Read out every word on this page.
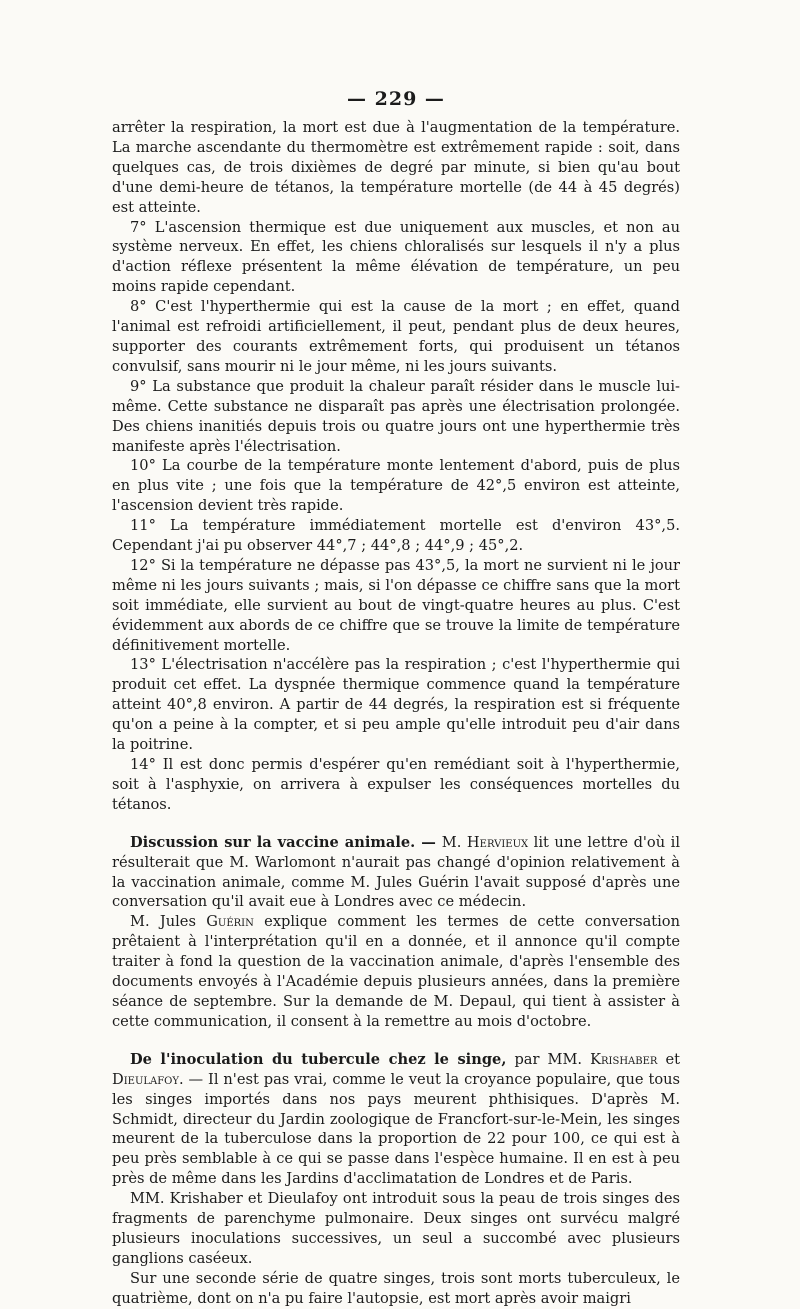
— 229 —

arrêter la respiration, la mort est due à l'augmentation de la température. La marche ascendante du thermomètre est extrêmement rapide : soit, dans quelques cas, de trois dixièmes de degré par minute, si bien qu'au bout d'une demi-heure de tétanos, la température mortelle (de 44 à 45 degrés) est atteinte.

7° L'ascension thermique est due uniquement aux muscles, et non au système nerveux. En effet, les chiens chloralisés sur lesquels il n'y a plus d'action réflexe présentent la même élévation de température, un peu moins rapide cependant.

8° C'est l'hyperthermie qui est la cause de la mort ; en effet, quand l'animal est refroidi artificiellement, il peut, pendant plus de deux heures, supporter des courants extrêmement forts, qui produisent un tétanos convulsif, sans mourir ni le jour même, ni les jours suivants.

9° La substance que produit la chaleur paraît résider dans le muscle lui-même. Cette substance ne disparaît pas après une électrisation prolongée. Des chiens inanitiés depuis trois ou quatre jours ont une hyperthermie très manifeste après l'électrisation.

10° La courbe de la température monte lentement d'abord, puis de plus en plus vite ; une fois que la température de 42°,5 environ est atteinte, l'ascension devient très rapide.

11° La température immédiatement mortelle est d'environ 43°,5. Cependant j'ai pu observer 44°,7 ; 44°,8 ; 44°,9 ; 45°,2.

12° Si la température ne dépasse pas 43°,5, la mort ne survient ni le jour même ni les jours suivants ; mais, si l'on dépasse ce chiffre sans que la mort soit immédiate, elle survient au bout de vingt-quatre heures au plus. C'est évidemment aux abords de ce chiffre que se trouve la limite de température définitivement mortelle.

13° L'électrisation n'accélère pas la respiration ; c'est l'hyperthermie qui produit cet effet. La dyspnée thermique commence quand la température atteint 40°,8 environ. A partir de 44 degrés, la respiration est si fréquente qu'on a peine à la compter, et si peu ample qu'elle introduit peu d'air dans la poitrine.

14° Il est donc permis d'espérer qu'en remédiant soit à l'hyperthermie, soit à l'asphyxie, on arrivera à expulser les conséquences mortelles du tétanos.

Discussion sur la vaccine animale. — M. Hervieux lit une lettre d'où il résulterait que M. Warlomont n'aurait pas changé d'opinion relativement à la vaccination animale, comme M. Jules Guérin l'avait supposé d'après une conversation qu'il avait eue à Londres avec ce médecin.

M. Jules Guérin explique comment les termes de cette conversation prêtaient à l'interprétation qu'il en a donnée, et il annonce qu'il compte traiter à fond la question de la vaccination animale, d'après l'ensemble des documents envoyés à l'Académie depuis plusieurs années, dans la première séance de septembre. Sur la demande de M. Depaul, qui tient à assister à cette communication, il consent à la remettre au mois d'octobre.

De l'inoculation du tubercule chez le singe, par MM. Krishaber et Dieulafoy. — Il n'est pas vrai, comme le veut la croyance populaire, que tous les singes importés dans nos pays meurent phthisiques. D'après M. Schmidt, directeur du Jardin zoologique de Francfort-sur-le-Mein, les singes meurent de la tuberculose dans la proportion de 22 pour 100, ce qui est à peu près semblable à ce qui se passe dans l'espèce humaine. Il en est à peu près de même dans les Jardins d'acclimatation de Londres et de Paris.

MM. Krishaber et Dieulafoy ont introduit sous la peau de trois singes des fragments de parenchyme pulmonaire. Deux singes ont survécu malgré plusieurs inoculations successives, un seul a succombé avec plusieurs ganglions caséeux.

Sur une seconde série de quatre singes, trois sont morts tuberculeux, le quatrième, dont on n'a pu faire l'autopsie, est mort après avoir maigri
